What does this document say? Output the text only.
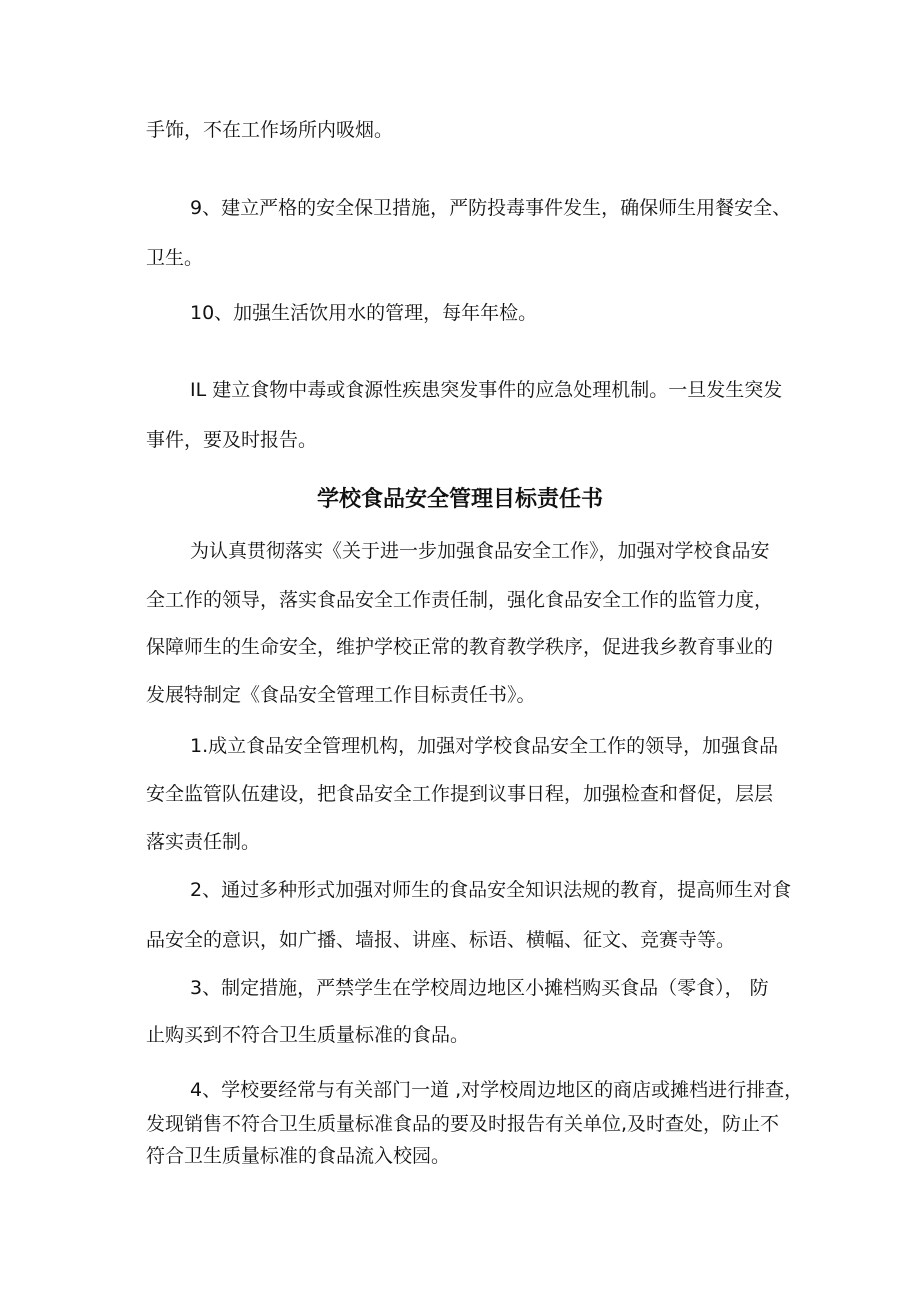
手饰，不在工作场所内吸烟。

9、建立严格的安全保卫措施，严防投毒事件发生，确保师生用餐安全、

卫生。

10、加强生活饮用水的管理，每年年检。

IL 建立食物中毒或食源性疾患突发事件的应急处理机制。一旦发生突发

事件，要及时报告。

学校食品安全管理目标责任书

为认真贯彻落实《关于进一步加强食品安全工作》，加强对学校食品安

全工作的领导，落实食品安全工作责任制，强化食品安全工作的监管力度，

保障师生的生命安全，维护学校正常的教育教学秩序，促进我乡教育事业的

发展特制定《食品安全管理工作目标责任书》。

1.成立食品安全管理机构，加强对学校食品安全工作的领导，加强食品

安全监管队伍建设，把食品安全工作提到议事日程，加强检查和督促，层层

落实责任制。

2、通过多种形式加强对师生的食品安全知识法规的教育，提高师生对食

品安全的意识，如广播、墙报、讲座、标语、横幅、征文、竞赛寺等。

3、制定措施，严禁学生在学校周边地区小摊档购买食品（零食）， 防

止购买到不符合卫生质量标准的食品。

4、学校要经常与有关部门一道 ,对学校周边地区的商店或摊档进行排查，

发现销售不符合卫生质量标准食品的要及时报告有关单位,及时查处，防止不

符合卫生质量标准的食品流入校园。
